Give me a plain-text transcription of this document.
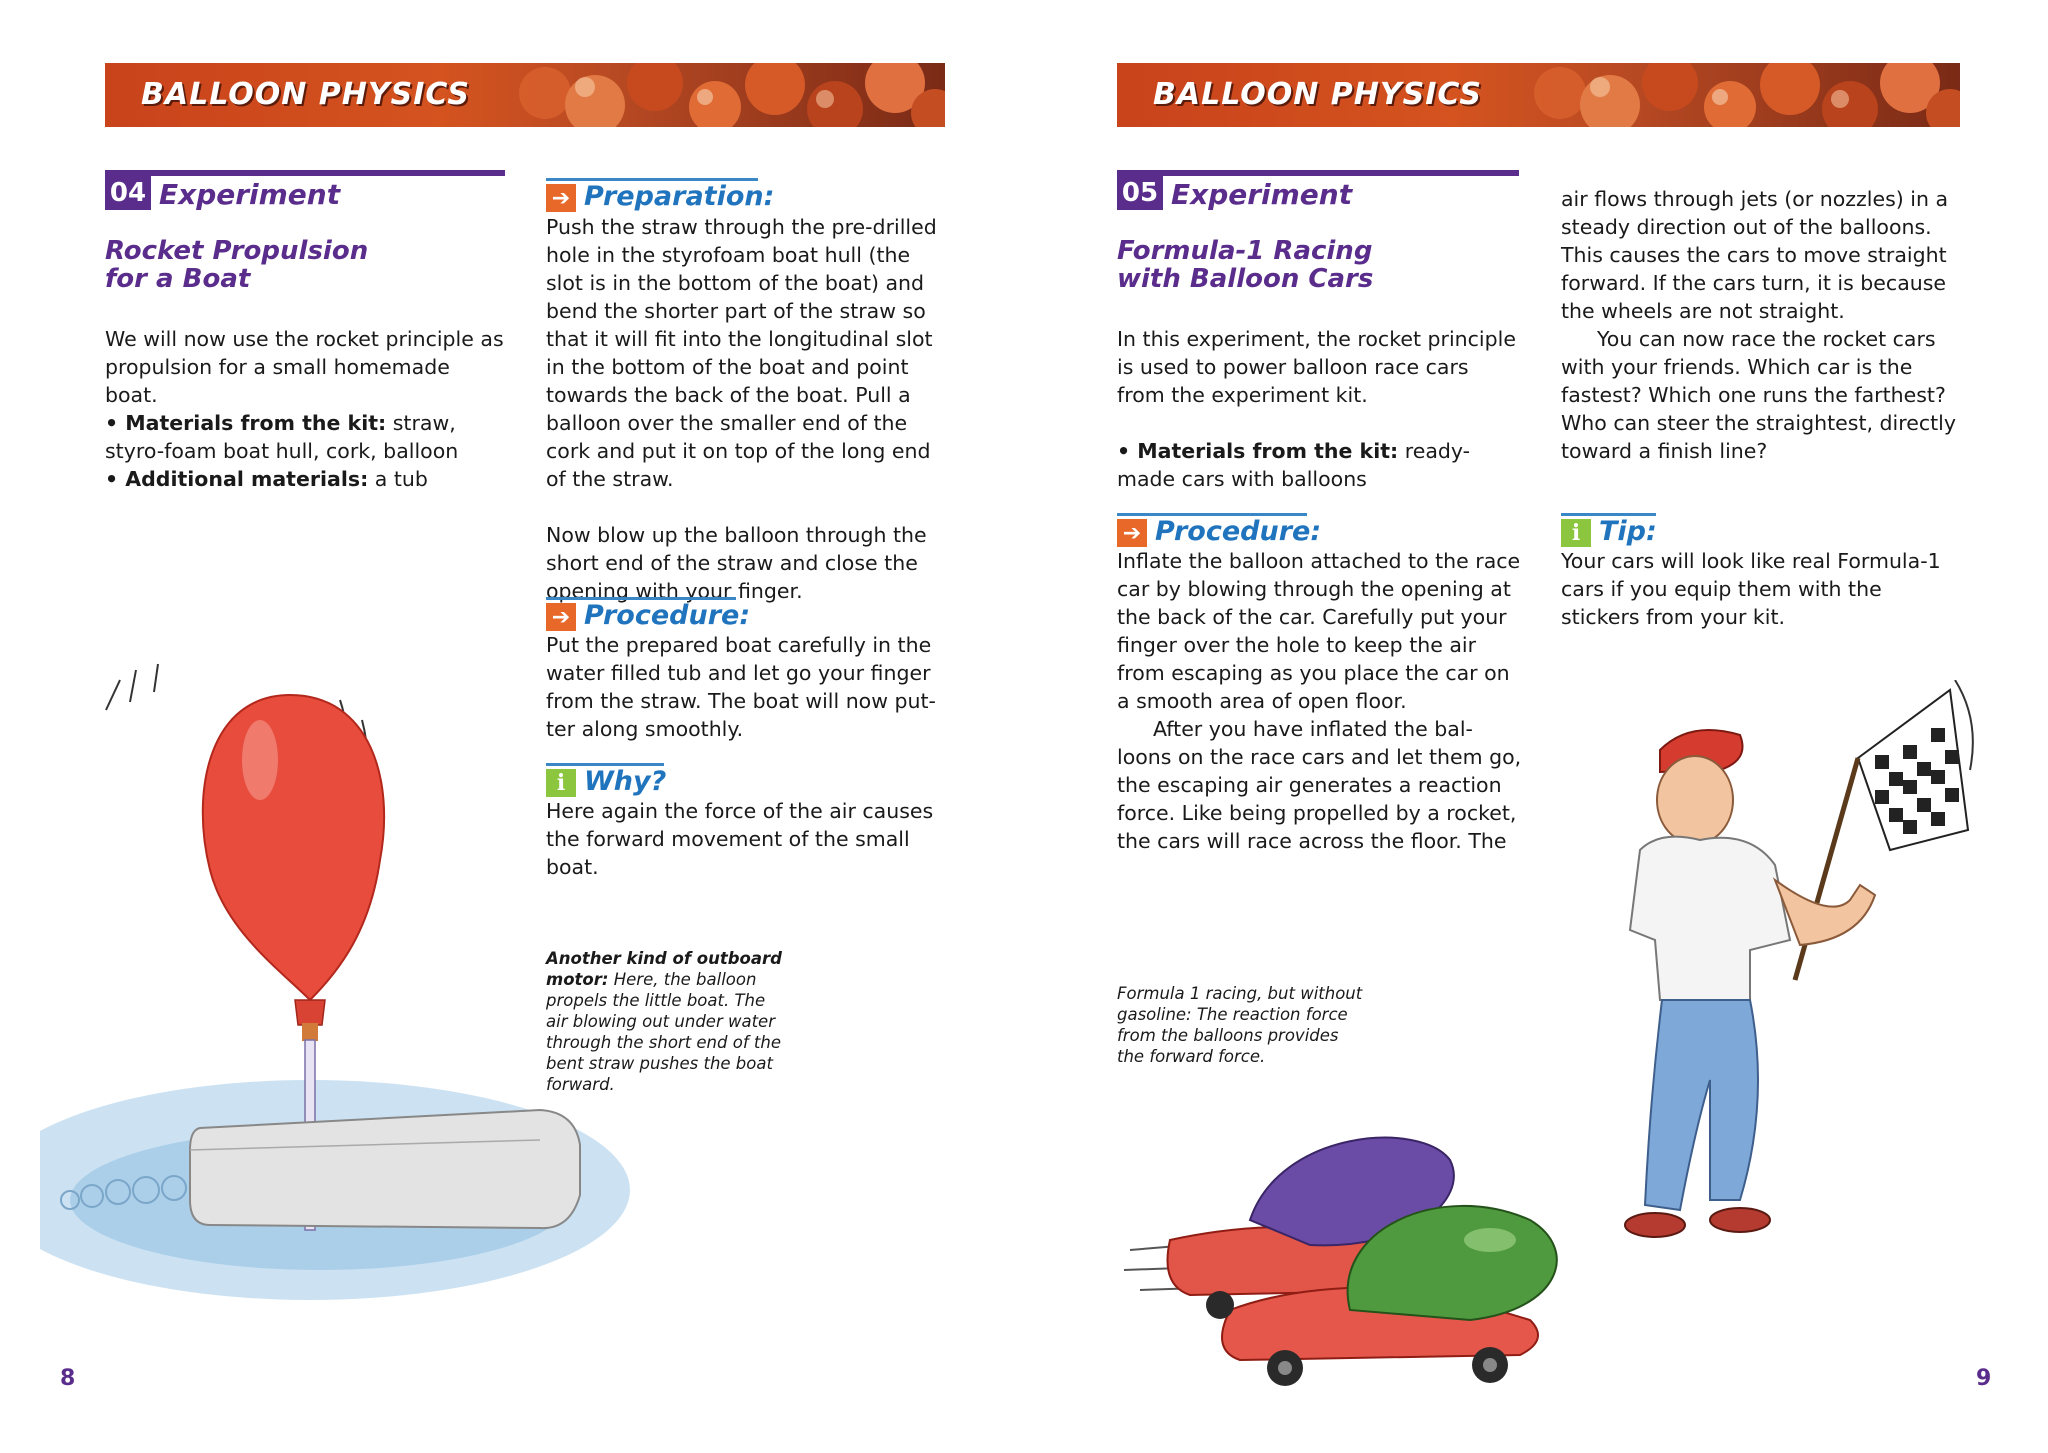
BALLOON PHYSICS
04 Experiment
Rocket Propulsion
for a Boat
We will now use the rocket principle as propulsion for a small homemade boat.
• Materials from the kit: straw, styro-foam boat hull, cork, balloon
• Additional materials: a tub
➔ Preparation:
Push the straw through the pre-drilled hole in the styrofoam boat hull (the slot is in the bottom of the boat) and bend the shorter part of the straw so that it will fit into the longitudinal slot in the bottom of the boat and point towards the back of the boat. Pull a balloon over the smaller end of the cork and put it on top of the long end of the straw.
Now blow up the balloon through the short end of the straw and close the opening with your finger.
➔ Procedure:
Put the prepared boat carefully in the water filled tub and let go your finger from the straw. The boat will now put-ter along smoothly.
i Why?
Here again the force of the air causes the forward movement of the small boat.
Another kind of outboard motor: Here, the balloon propels the little boat. The air blowing out under water through the short end of the bent straw pushes the boat forward.
8
BALLOON PHYSICS
05 Experiment
Formula-1 Racing
with Balloon Cars
In this experiment, the rocket principle is used to power balloon race cars from the experiment kit.
• Materials from the kit: ready-made cars with balloons
➔ Procedure:
Inflate the balloon attached to the race car by blowing through the opening at the back of the car. Carefully put your finger over the hole to keep the air from escaping as you place the car on a smooth area of open floor.
After you have inflated the bal-loons on the race cars and let them go, the escaping air generates a reaction force. Like being propelled by a rocket, the cars will race across the floor. The
air flows through jets (or nozzles) in a steady direction out of the balloons. This causes the cars to move straight forward. If the cars turn, it is because the wheels are not straight.
You can now race the rocket cars with your friends. Which car is the fastest? Which one runs the farthest? Who can steer the straightest, directly toward a finish line?
i Tip:
Your cars will look like real Formula-1 cars if you equip them with the stickers from your kit.
Formula 1 racing, but without gasoline: The reaction force from the balloons provides the forward force.
9
